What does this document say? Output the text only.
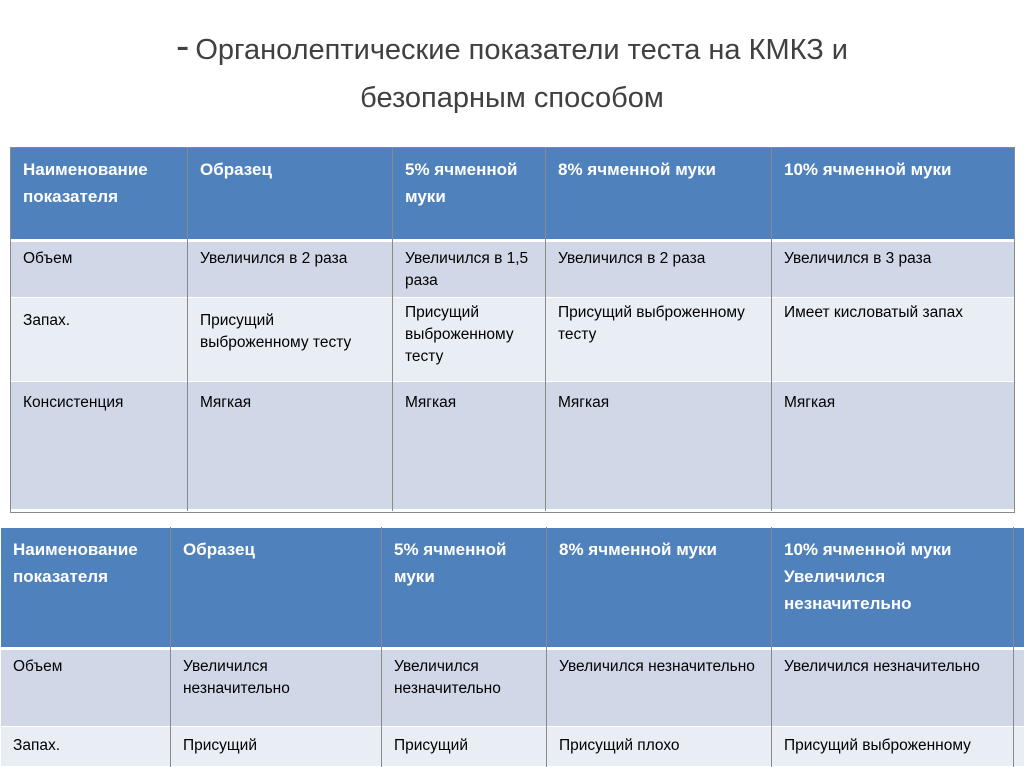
- Органолептические показатели теста на КМКЗ и
безопарным способом
Наименование показателя	Образец	5% ячменной муки	8% ячменной муки	10% ячменной муки
Объем	Увеличился в 2 раза	Увеличился в 1,5 раза	Увеличился в 2 раза	Увеличился в 3 раза
Запах.	Присущий выброженному тесту	Присущий выброженному тесту	Присущий выброженному тесту	Имеет кисловатый запах
Консистенция	Мягкая	Мягкая	Мягкая	Мягкая
Наименование показателя	Образец	5% ячменной муки	8% ячменной муки	10% ячменной муки Увеличился незначительно
Объем	Увеличился незначительно	Увеличился незначительно	Увеличился незначительно	Увеличился незначительно
Запах.	Присущий	Присущий	Присущий плохо	Присущий выброженному
